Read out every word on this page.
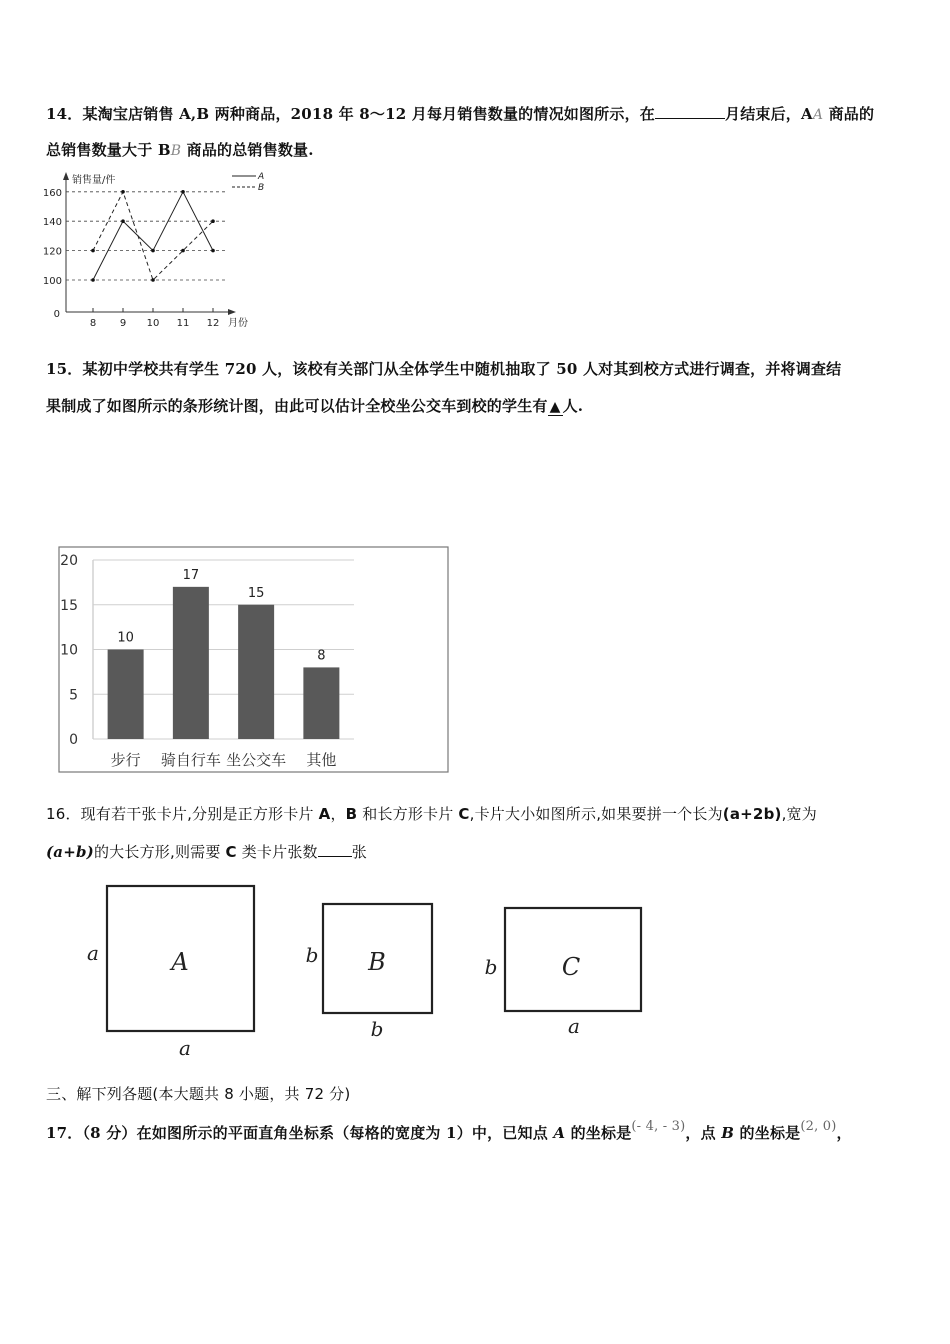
14．某淘宝店销售 A,B 两种商品，2018 年 8～12 月每月销售数量的情况如图所示，在	月结束后，AA 商品的
总销售数量大于 BB 商品的总销售数量.
销售量/件
月份
0
100
120
140
160
8 9 10 11 12
A
B
15．某初中学校共有学生 720 人，该校有关部门从全体学生中随机抽取了 50 人对其到校方式进行调查，并将调查结
果制成了如图所示的条形统计图，由此可以估计全校坐公交车到校的学生有 ▲ 人.
0
5
10
15
20
10
步行
17
骑自行车
15
坐公交车
8
其他
16．现有若干张卡片,分别是正方形卡片 A，B 和长方形卡片 C,卡片大小如图所示,如果要拼一个长为(a+2b),宽为
(a+b)的大长方形,则需要 C 类卡片张数 张
A
a
a
B
b
b
C
b
a
三、解下列各题(本大题共 8 小题，共 72 分)
17．（8 分）在如图所示的平面直角坐标系（每格的宽度为 1）中，已知点 A 的坐标是(- 4, - 3)，点 B 的坐标是(2, 0)，
